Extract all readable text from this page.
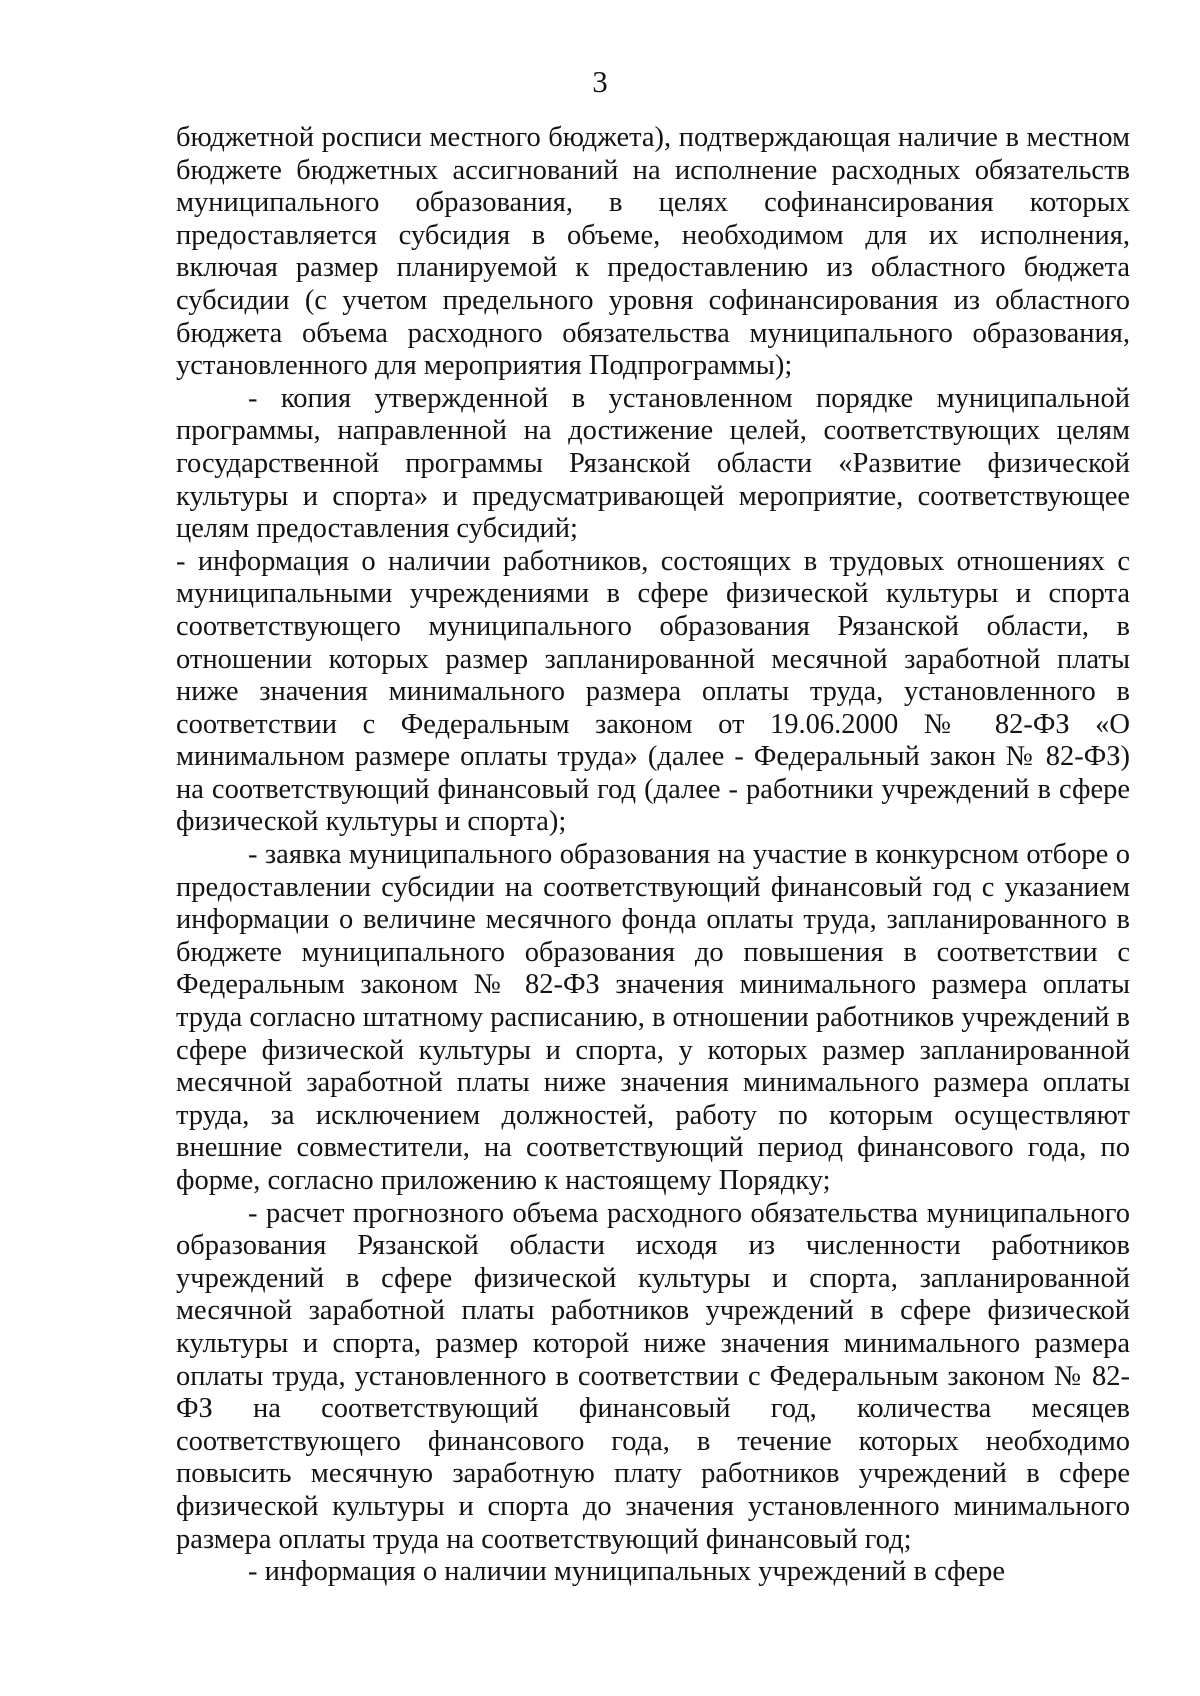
3

бюджетной росписи местного бюджета), подтверждающая наличие в местном бюджете бюджетных ассигнований на исполнение расходных обязательств муниципального образования, в целях софинансирования которых предоставляется субсидия в объеме, необходимом для их исполнения, включая размер планируемой к предоставлению из областного бюджета субсидии (с учетом предельного уровня софинансирования из областного бюджета объема расходного обязательства муниципального образования, установленного для мероприятия Подпрограммы);

- копия утвержденной в установленном порядке муниципальной программы, направленной на достижение целей, соответствующих целям государственной программы Рязанской области «Развитие физической культуры и спорта» и предусматривающей мероприятие, соответствующее целям предоставления субсидий;

- информация о наличии работников, состоящих в трудовых отношениях с муниципальными учреждениями в сфере физической культуры и спорта соответствующего муниципального образования Рязанской области, в отношении которых размер запланированной месячной заработной платы ниже значения минимального размера оплаты труда, установленного в соответствии с Федеральным законом от 19.06.2000 № 82-ФЗ «О минимальном размере оплаты труда» (далее - Федеральный закон № 82-ФЗ) на соответствующий финансовый год (далее - работники учреждений в сфере физической культуры и спорта);

- заявка муниципального образования на участие в конкурсном отборе о предоставлении субсидии на соответствующий финансовый год с указанием информации о величине месячного фонда оплаты труда, запланированного в бюджете муниципального образования до повышения в соответствии с Федеральным законом № 82-ФЗ значения минимального размера оплаты труда согласно штатному расписанию, в отношении работников учреждений в сфере физической культуры и спорта, у которых размер запланированной месячной заработной платы ниже значения минимального размера оплаты труда, за исключением должностей, работу по которым осуществляют внешние совместители, на соответствующий период финансового года, по форме, согласно приложению к настоящему Порядку;

- расчет прогнозного объема расходного обязательства муниципального образования Рязанской области исходя из численности работников учреждений в сфере физической культуры и спорта, запланированной месячной заработной платы работников учреждений в сфере физической культуры и спорта, размер которой ниже значения минимального размера оплаты труда, установленного в соответствии с Федеральным законом № 82-ФЗ на соответствующий финансовый год, количества месяцев соответствующего финансового года, в течение которых необходимо повысить месячную заработную плату работников учреждений в сфере физической культуры и спорта до значения установленного минимального размера оплаты труда на соответствующий финансовый год;

- информация о наличии муниципальных учреждений в сфере
